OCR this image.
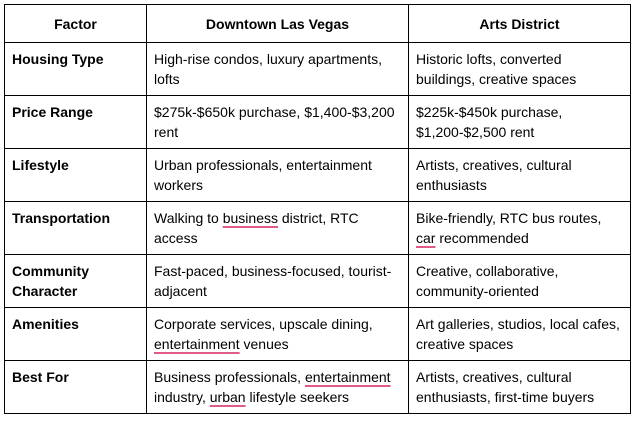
Factor	Downtown Las Vegas	Arts District
Housing Type	High-rise condos, luxury apartments, lofts	Historic lofts, converted buildings, creative spaces
Price Range	$275k-$650k purchase, $1,400-$3,200 rent	$225k-$450k purchase, $1,200-$2,500 rent
Lifestyle	Urban professionals, entertainment workers	Artists, creatives, cultural enthusiasts
Transportation	Walking to business district, RTC access	Bike-friendly, RTC bus routes, car recommended
Community Character	Fast-paced, business-focused, tourist-adjacent	Creative, collaborative, community-oriented
Amenities	Corporate services, upscale dining, entertainment venues	Art galleries, studios, local cafes, creative spaces
Best For	Business professionals, entertainment industry, urban lifestyle seekers	Artists, creatives, cultural enthusiasts, first-time buyers
